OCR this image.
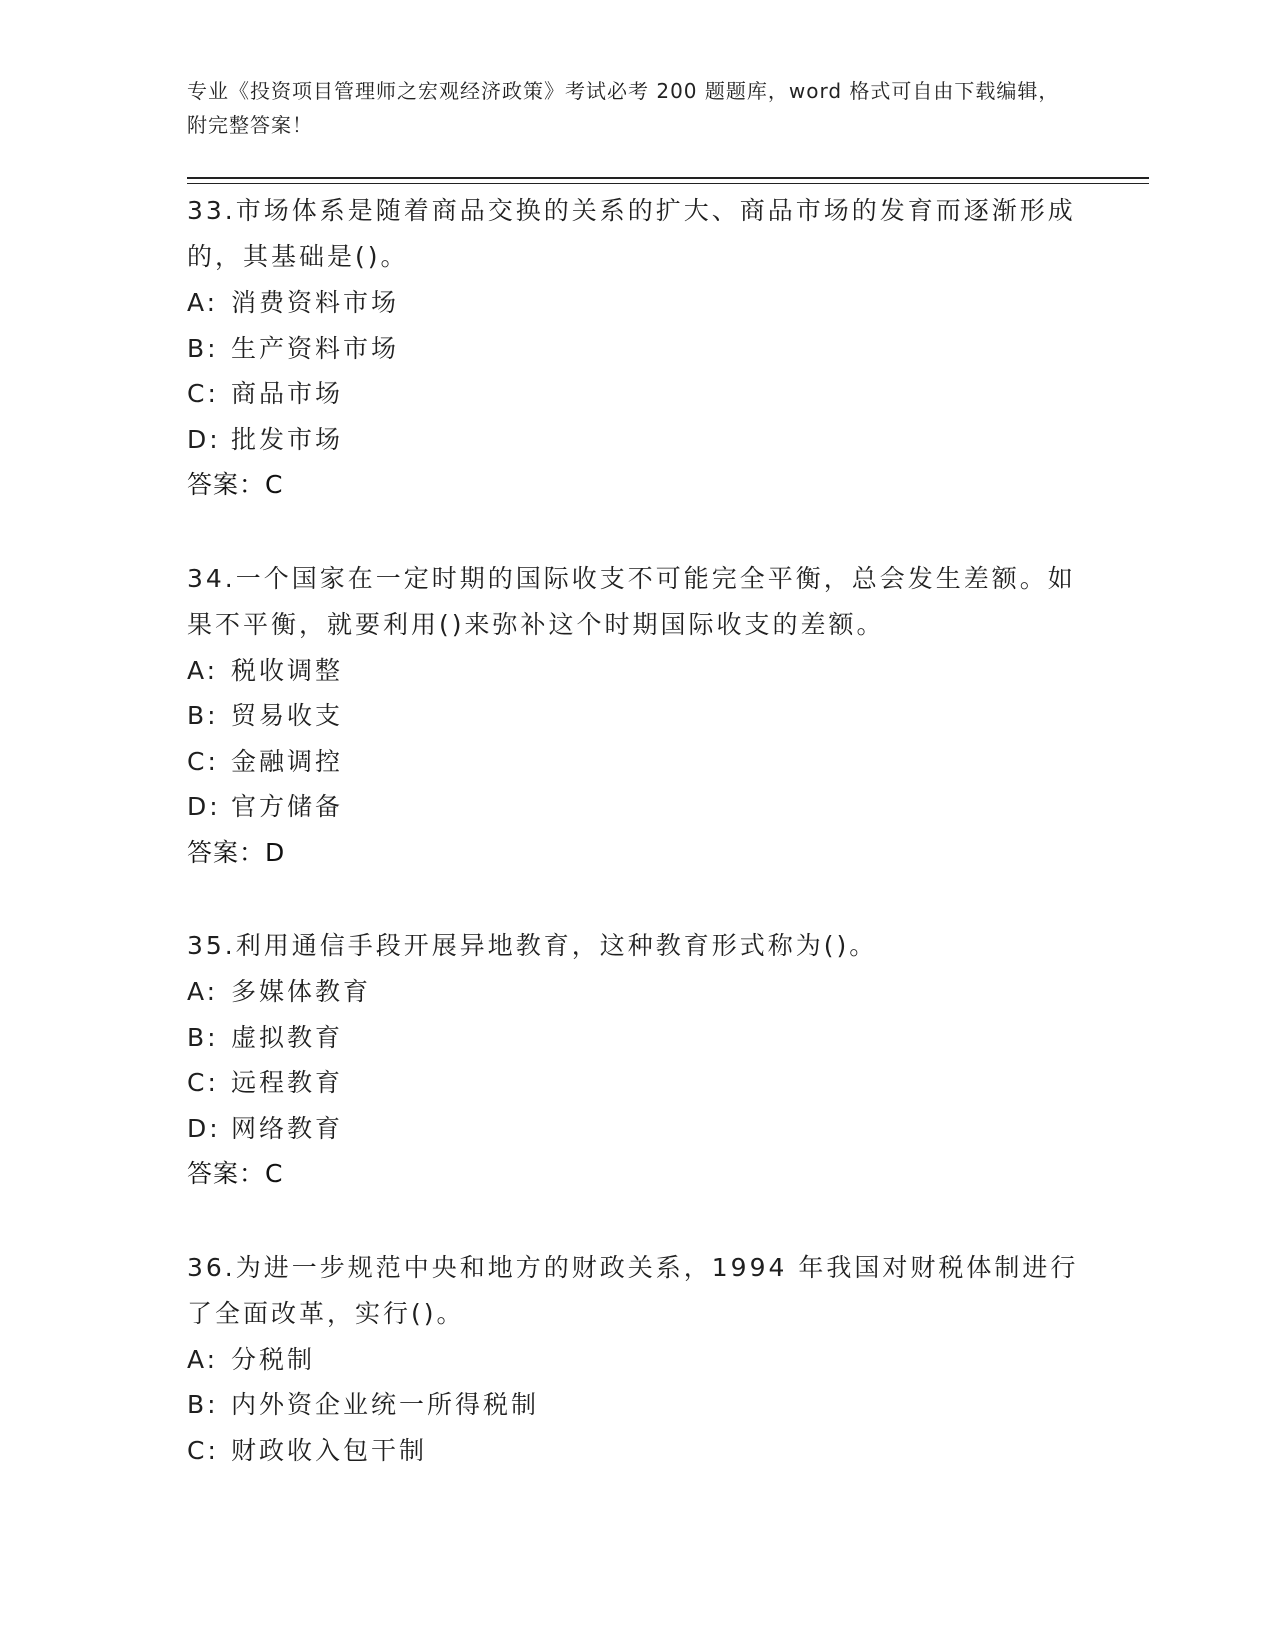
专业《投资项目管理师之宏观经济政策》考试必考 200 题题库，word 格式可自由下载编辑，附完整答案！

33.市场体系是随着商品交换的关系的扩大、商品市场的发育而逐渐形成的，其基础是()。

A: 消费资料市场

B: 生产资料市场

C: 商品市场

D: 批发市场

答案：C

34.一个国家在一定时期的国际收支不可能完全平衡，总会发生差额。如果不平衡，就要利用()来弥补这个时期国际收支的差额。

A: 税收调整

B: 贸易收支

C: 金融调控

D: 官方储备

答案：D

35.利用通信手段开展异地教育，这种教育形式称为()。

A: 多媒体教育

B: 虚拟教育

C: 远程教育

D: 网络教育

答案：C

36.为进一步规范中央和地方的财政关系，1994 年我国对财税体制进行了全面改革，实行()。

A: 分税制

B: 内外资企业统一所得税制

C: 财政收入包干制
